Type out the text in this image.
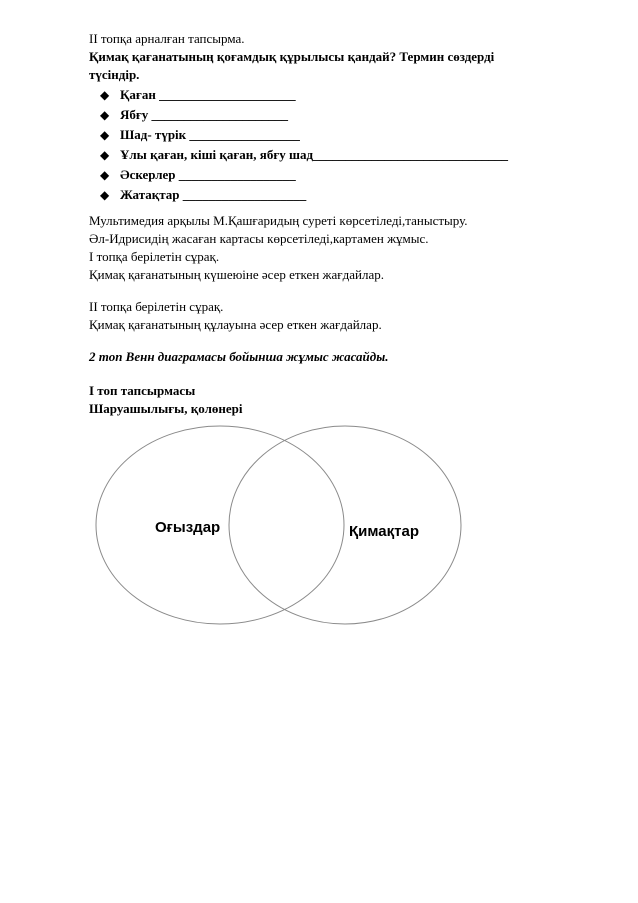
ІІ топқа арналған тапсырма.
Қимақ қағанатының қоғамдық құрылысы қандай? Термин сөздерді
түсіндір.
◆ Қаған _____________________
◆ Ябғу _____________________
◆ Шад- түрік _________________
◆ Ұлы қаған, кіші қаған, ябғу шад______________________________
◆ Әскерлер __________________
◆ Жатақтар ___________________
Мультимедия арқылы М.Қашғаридың суреті көрсетіледі,таныстыру.
Әл-Идрисидің жасаған картасы көрсетіледі,картамен жұмыс.
І топқа берілетін сұрақ.
Қимақ қағанатының күшеюіне әсер еткен жағдайлар.
ІІ топқа берілетін сұрақ.
Қимақ қағанатының құлауына әсер еткен жағдайлар.
2 топ Венн диаграмасы бойынша жұмыс жасайды.
І топ тапсырмасы
Шаруашылығы, қолөнері
Оғыздар	Қимақтар
